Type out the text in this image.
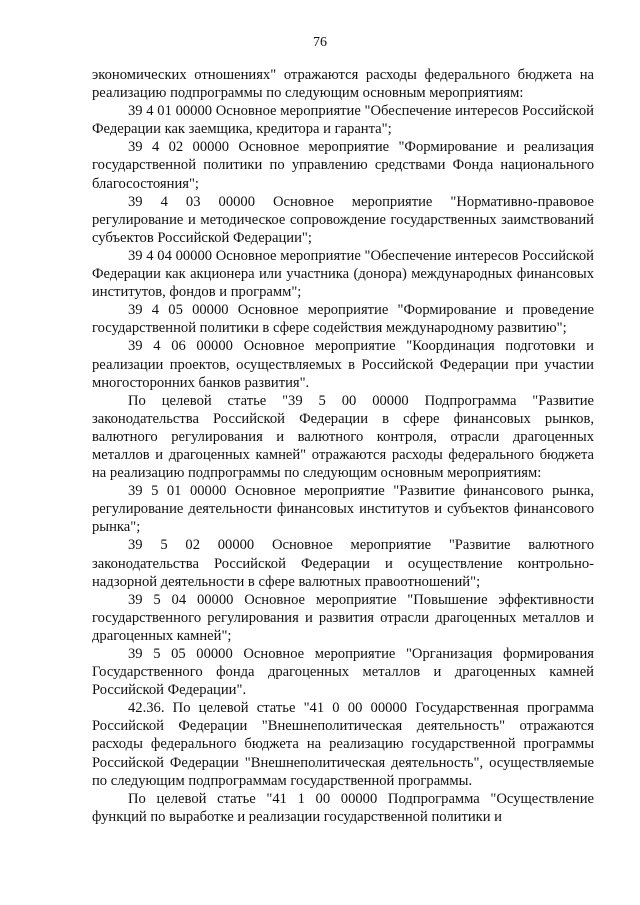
76

экономических отношениях" отражаются расходы федерального бюджета на реализацию подпрограммы по следующим основным мероприятиям:

39 4 01 00000 Основное мероприятие "Обеспечение интересов Российской Федерации как заемщика, кредитора и гаранта";

39 4 02 00000 Основное мероприятие "Формирование и реализация государственной политики по управлению средствами Фонда национального благосостояния";

39 4 03 00000 Основное мероприятие "Нормативно-правовое регулирование и методическое сопровождение государственных заимствований субъектов Российской Федерации";

39 4 04 00000 Основное мероприятие "Обеспечение интересов Российской Федерации как акционера или участника (донора) международных финансовых институтов, фондов и программ";

39 4 05 00000 Основное мероприятие "Формирование и проведение государственной политики в сфере содействия международному развитию";

39 4 06 00000 Основное мероприятие "Координация подготовки и реализации проектов, осуществляемых в Российской Федерации при участии многосторонних банков развития".

По целевой статье "39 5 00 00000 Подпрограмма "Развитие законодательства Российской Федерации в сфере финансовых рынков, валютного регулирования и валютного контроля, отрасли драгоценных металлов и драгоценных камней" отражаются расходы федерального бюджета на реализацию подпрограммы по следующим основным мероприятиям:

39 5 01 00000 Основное мероприятие "Развитие финансового рынка, регулирование деятельности финансовых институтов и субъектов финансового рынка";

39 5 02 00000 Основное мероприятие "Развитие валютного законодательства Российской Федерации и осуществление контрольно-надзорной деятельности в сфере валютных правоотношений";

39 5 04 00000 Основное мероприятие "Повышение эффективности государственного регулирования и развития отрасли драгоценных металлов и драгоценных камней";

39 5 05 00000 Основное мероприятие "Организация формирования Государственного фонда драгоценных металлов и драгоценных камней Российской Федерации".

42.36. По целевой статье "41 0 00 00000 Государственная программа Российской Федерации "Внешнеполитическая деятельность" отражаются расходы федерального бюджета на реализацию государственной программы Российской Федерации "Внешнеполитическая деятельность", осуществляемые по следующим подпрограммам государственной программы.

По целевой статье "41 1 00 00000 Подпрограмма "Осуществление функций по выработке и реализации государственной политики и
